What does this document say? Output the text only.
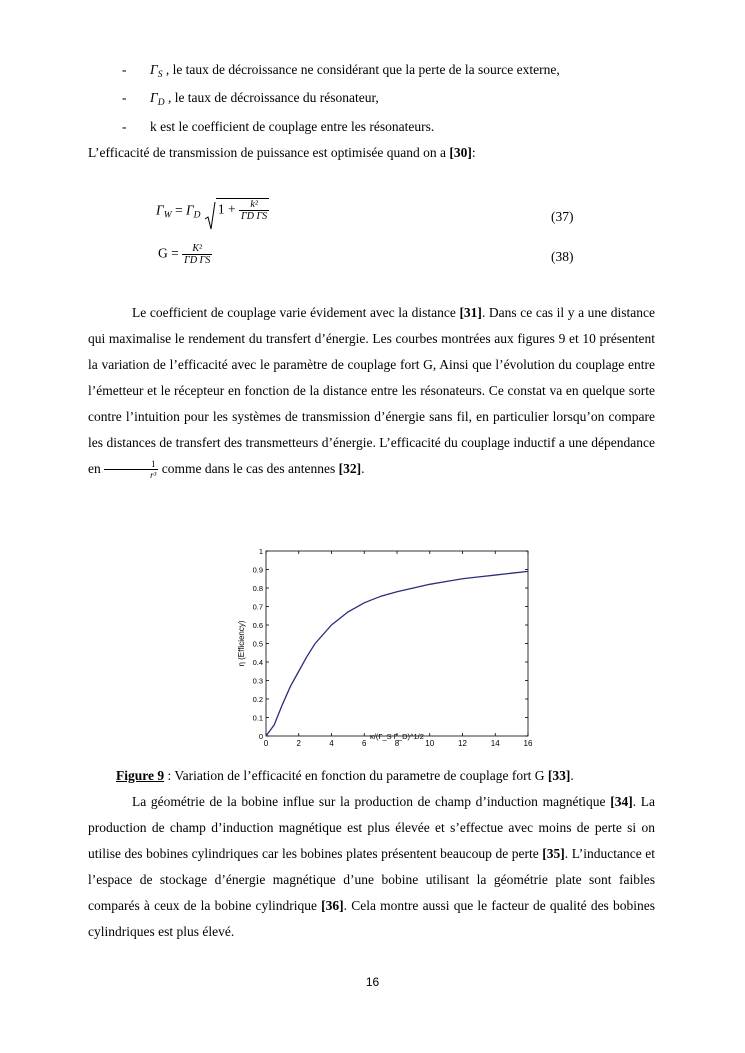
- $\Gamma_S$ , le taux de décroissance ne considérant que la perte de la source externe,
- $\Gamma_D$ , le taux de décroissance du résonateur,
- k est le coefficient de couplage entre les résonateurs.
L’efficacité de transmission de puissance est optimisée quand on a [30]:
$\Gamma_W = \Gamma_D$ $1 + \frac{\text{k²}}{\text{ΓD ΓS}}$	(37)
$G = \frac{\text{K²}}{\text{ΓD ΓS}}$	(38)
Le coefficient de couplage varie évidement avec la distance [31]. Dans ce cas il y a une distance qui maximalise le rendement du transfert d’énergie. Les courbes montrées aux figures 9 et 10 présentent la variation de l’efficacité avec le paramètre de couplage fort G, Ainsi que l’évolution du couplage entre l’émetteur et le récepteur en fonction de la distance entre les résonateurs. Ce constat va en quelque sorte contre l’intuition pour les systèmes de transmission d’énergie sans fil, en particulier lorsqu’on compare les distances de transfert des transmetteurs d’énergie. L’efficacité du couplage inductif a une dépendance en $\frac{1}{\text{r³}}$ comme dans le cas des antennes [32].
0	2	4	6	8	10	12	14	16
0
0.1
0.2
0.3
0.4
0.5
0.6
0.7
0.8
0.9
1
η (Efficiency)
κ/(Γ_S Γ_D)^1/2
Figure 9 : Variation de l’efficacité en fonction du parametre de couplage fort G [33].
La géométrie de la bobine influe sur la production de champ d’induction magnétique [34]. La production de champ d’induction magnétique est plus élevée et s’effectue avec moins de perte si on utilise des bobines cylindriques car les bobines plates présentent beaucoup de perte [35]. L’inductance et l’espace de stockage d’énergie magnétique d’une bobine utilisant la géométrie plate sont faibles comparés à ceux de la bobine cylindrique [36]. Cela montre aussi que le facteur de qualité des bobines cylindriques est plus élevé.
16
